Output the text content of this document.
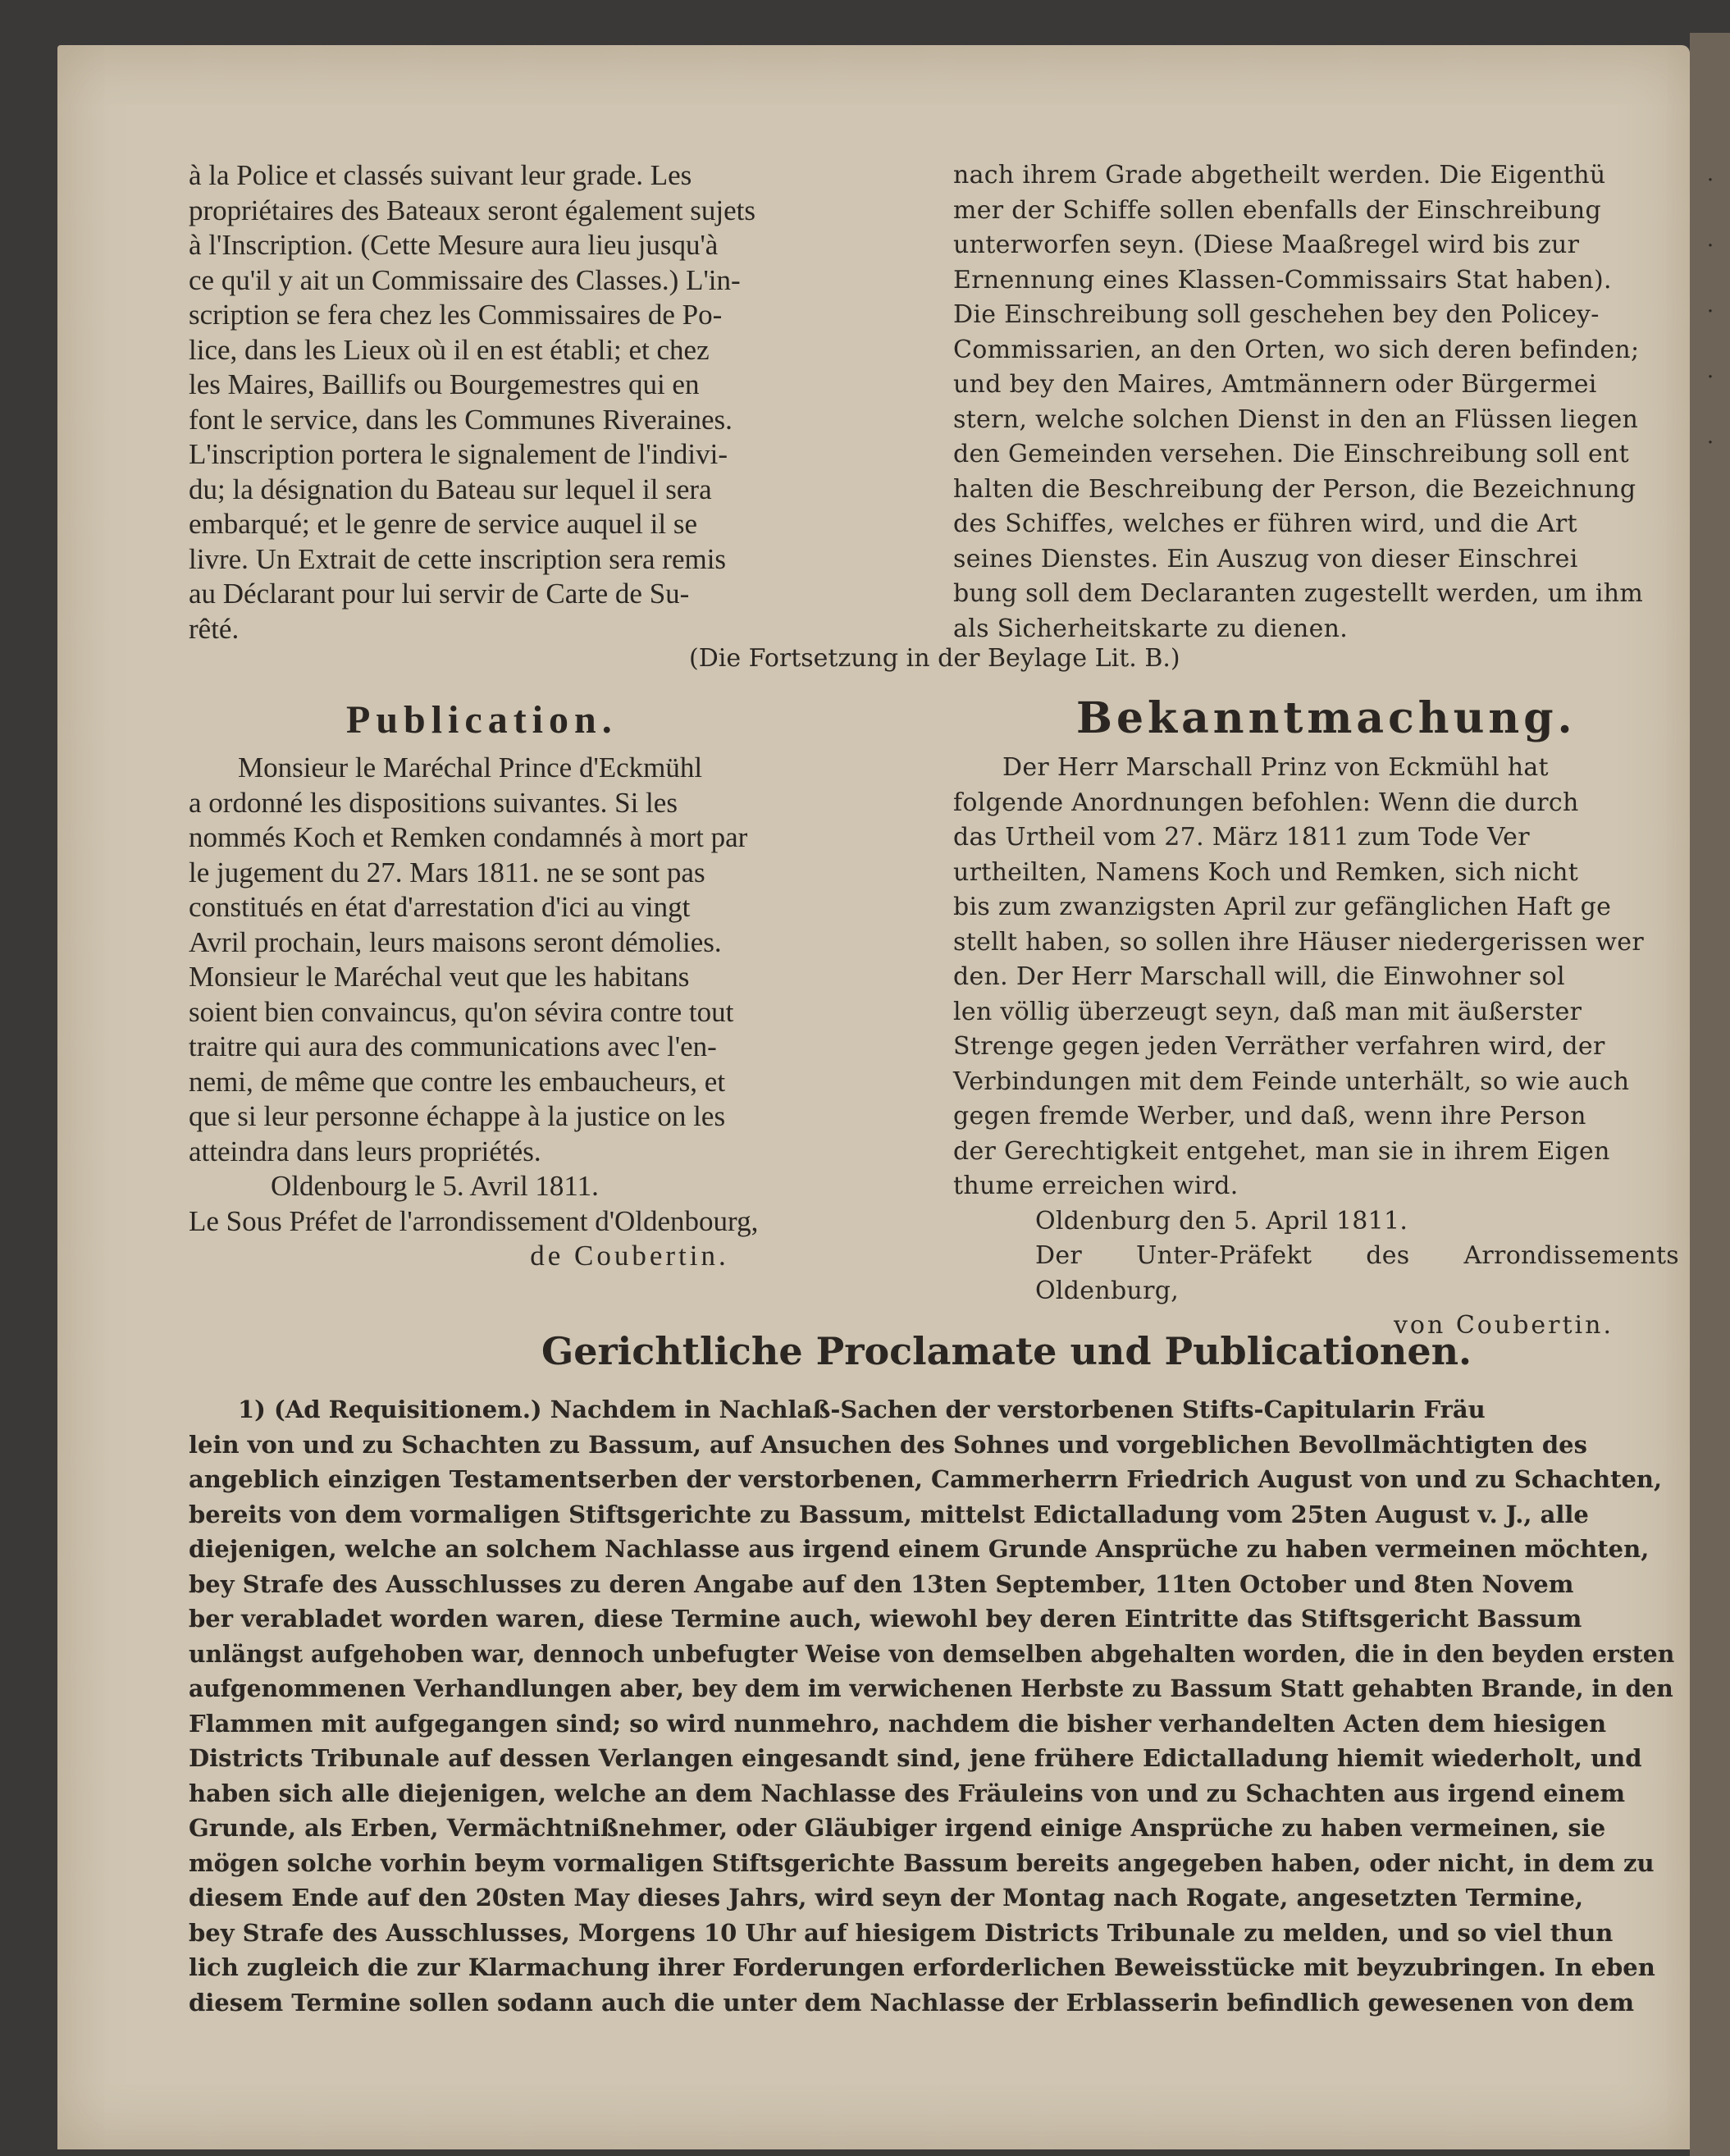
à la Police et classés suivant leur grade. Les
propriétaires des Bateaux seront également sujets
à l'Inscription. (Cette Mesure aura lieu jusqu'à
ce qu'il y ait un Commissaire des Classes.) L'in-
scription se fera chez les Commissaires de Po-
lice, dans les Lieux où il en est établi; et chez
les Maires, Baillifs ou Bourgemestres qui en
font le service, dans les Communes Riveraines.
L'inscription portera le signalement de l'indivi-
du; la désignation du Bateau sur lequel il sera
embarqué; et le genre de service auquel il se
livre. Un Extrait de cette inscription sera remis
au Déclarant pour lui servir de Carte de Su-
rêté.
nach ihrem Grade abgetheilt werden. Die Eigenthü
mer der Schiffe sollen ebenfalls der Einschreibung
unterworfen seyn. (Diese Maaßregel wird bis zur
Ernennung eines Klassen-Commissairs Stat haben).
Die Einschreibung soll geschehen bey den Policey-
Commissarien, an den Orten, wo sich deren befinden;
und bey den Maires, Amtmännern oder Bürgermei
stern, welche solchen Dienst in den an Flüssen liegen
den Gemeinden versehen. Die Einschreibung soll ent
halten die Beschreibung der Person, die Bezeichnung
des Schiffes, welches er führen wird, und die Art
seines Dienstes. Ein Auszug von dieser Einschrei
bung soll dem Declaranten zugestellt werden, um ihm
als Sicherheitskarte zu dienen.
(Die Fortsetzung in der Beylage Lit. B.)
Publication.	Bekanntmachung.
Monsieur le Maréchal Prince d'Eckmühl
a ordonné les dispositions suivantes. Si les
nommés Koch et Remken condamnés à mort par
le jugement du 27. Mars 1811. ne se sont pas
constitués en état d'arrestation d'ici au vingt
Avril prochain, leurs maisons seront démolies.
Monsieur le Maréchal veut que les habitans
soient bien convaincus, qu'on sévira contre tout
traitre qui aura des communications avec l'en-
nemi, de même que contre les embaucheurs, et
que si leur personne échappe à la justice on les
atteindra dans leurs propriétés.

Oldenbourg le 5. Avril 1811.

Le Sous Préfet de l'arrondissement d'Oldenbourg,

de Coubertin.

Der Herr Marschall Prinz von Eckmühl hat
folgende Anordnungen befohlen: Wenn die durch
das Urtheil vom 27. März 1811 zum Tode Ver
urtheilten, Namens Koch und Remken, sich nicht
bis zum zwanzigsten April zur gefänglichen Haft ge
stellt haben, so sollen ihre Häuser niedergerissen wer
den. Der Herr Marschall will, die Einwohner sol
len völlig überzeugt seyn, daß man mit äußerster
Strenge gegen jeden Verräther verfahren wird, der
Verbindungen mit dem Feinde unterhält, so wie auch
gegen fremde Werber, und daß, wenn ihre Person
der Gerechtigkeit entgehet, man sie in ihrem Eigen
thume erreichen wird.

Oldenburg den 5. April 1811.

Der Unter-Präfekt des Arrondissements Oldenburg,

von Coubertin.

Gerichtliche Proclamate und Publicationen.
1) (Ad Requisitionem.) Nachdem in Nachlaß-Sachen der verstorbenen Stifts-Capitularin Fräu
lein von und zu Schachten zu Bassum, auf Ansuchen des Sohnes und vorgeblichen Bevollmächtigten des
angeblich einzigen Testamentserben der verstorbenen, Cammerherrn Friedrich August von und zu Schachten,
bereits von dem vormaligen Stiftsgerichte zu Bassum, mittelst Edictalladung vom 25ten August v. J., alle
diejenigen, welche an solchem Nachlasse aus irgend einem Grunde Ansprüche zu haben vermeinen möchten,
bey Strafe des Ausschlusses zu deren Angabe auf den 13ten September, 11ten October und 8ten Novem
ber verabladet worden waren, diese Termine auch, wiewohl bey deren Eintritte das Stiftsgericht Bassum
unlängst aufgehoben war, dennoch unbefugter Weise von demselben abgehalten worden, die in den beyden ersten
aufgenommenen Verhandlungen aber, bey dem im verwichenen Herbste zu Bassum Statt gehabten Brande, in den
Flammen mit aufgegangen sind; so wird nunmehro, nachdem die bisher verhandelten Acten dem hiesigen
Districts Tribunale auf dessen Verlangen eingesandt sind, jene frühere Edictalladung hiemit wiederholt, und
haben sich alle diejenigen, welche an dem Nachlasse des Fräuleins von und zu Schachten aus irgend einem
Grunde, als Erben, Vermächtnißnehmer, oder Gläubiger irgend einige Ansprüche zu haben vermeinen, sie
mögen solche vorhin beym vormaligen Stiftsgerichte Bassum bereits angegeben haben, oder nicht, in dem zu
diesem Ende auf den 20sten May dieses Jahrs, wird seyn der Montag nach Rogate, angesetzten Termine,
bey Strafe des Ausschlusses, Morgens 10 Uhr auf hiesigem Districts Tribunale zu melden, und so viel thun
lich zugleich die zur Klarmachung ihrer Forderungen erforderlichen Beweisstücke mit beyzubringen. In eben
diesem Termine sollen sodann auch die unter dem Nachlasse der Erblasserin befindlich gewesenen von dem
·
·
·
·
·
